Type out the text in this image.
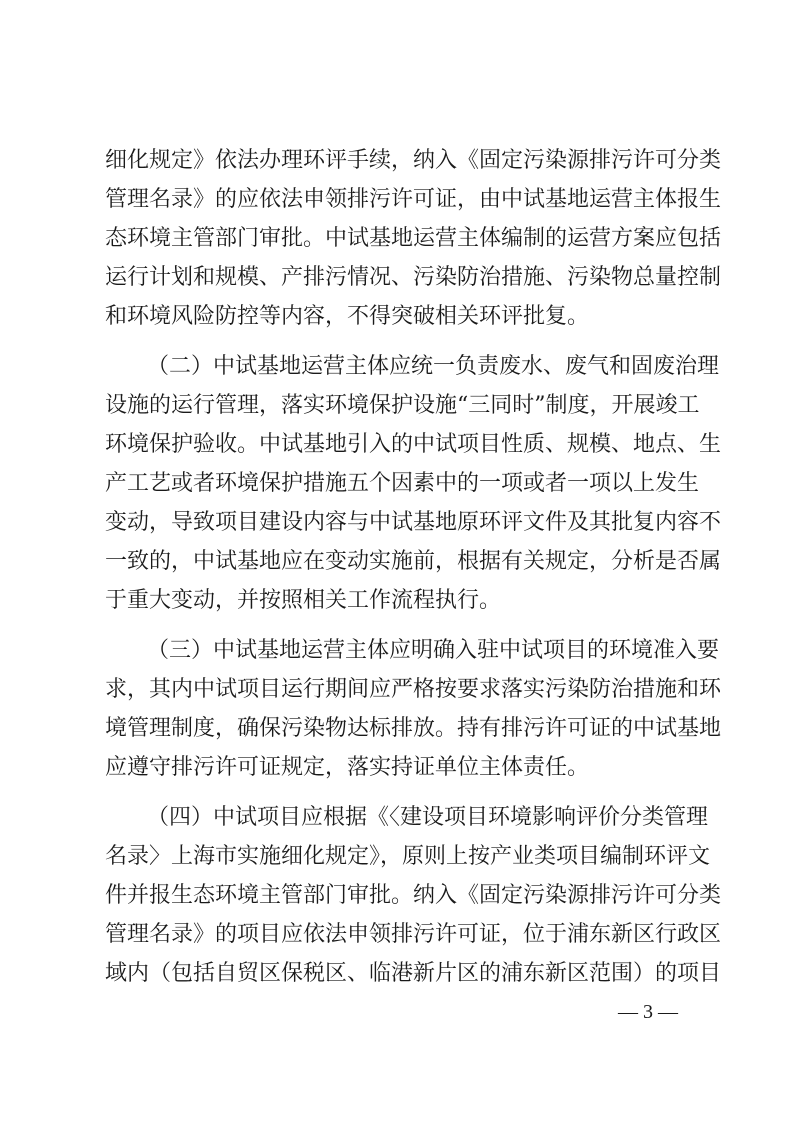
细化规定》依法办理环评手续，纳入《固定污染源排污许可分类
管理名录》的应依法申领排污许可证，由中试基地运营主体报生
态环境主管部门审批。中试基地运营主体编制的运营方案应包括
运行计划和规模、产排污情况、污染防治措施、污染物总量控制
和环境风险防控等内容，不得突破相关环评批复。
（二）中试基地运营主体应统一负责废水、废气和固废治理
设施的运行管理，落实环境保护设施“三同时”制度，开展竣工
环境保护验收。中试基地引入的中试项目性质、规模、地点、生
产工艺或者环境保护措施五个因素中的一项或者一项以上发生
变动，导致项目建设内容与中试基地原环评文件及其批复内容不
一致的，中试基地应在变动实施前，根据有关规定，分析是否属
于重大变动，并按照相关工作流程执行。
（三）中试基地运营主体应明确入驻中试项目的环境准入要
求，其内中试项目运行期间应严格按要求落实污染防治措施和环
境管理制度，确保污染物达标排放。持有排污许可证的中试基地
应遵守排污许可证规定，落实持证单位主体责任。
（四）中试项目应根据《〈建设项目环境影响评价分类管理
名录〉上海市实施细化规定》，原则上按产业类项目编制环评文
件并报生态环境主管部门审批。纳入《固定污染源排污许可分类
管理名录》的项目应依法申领排污许可证，位于浦东新区行政区
域内（包括自贸区保税区、临港新片区的浦东新区范围）的项目
— 3 —
